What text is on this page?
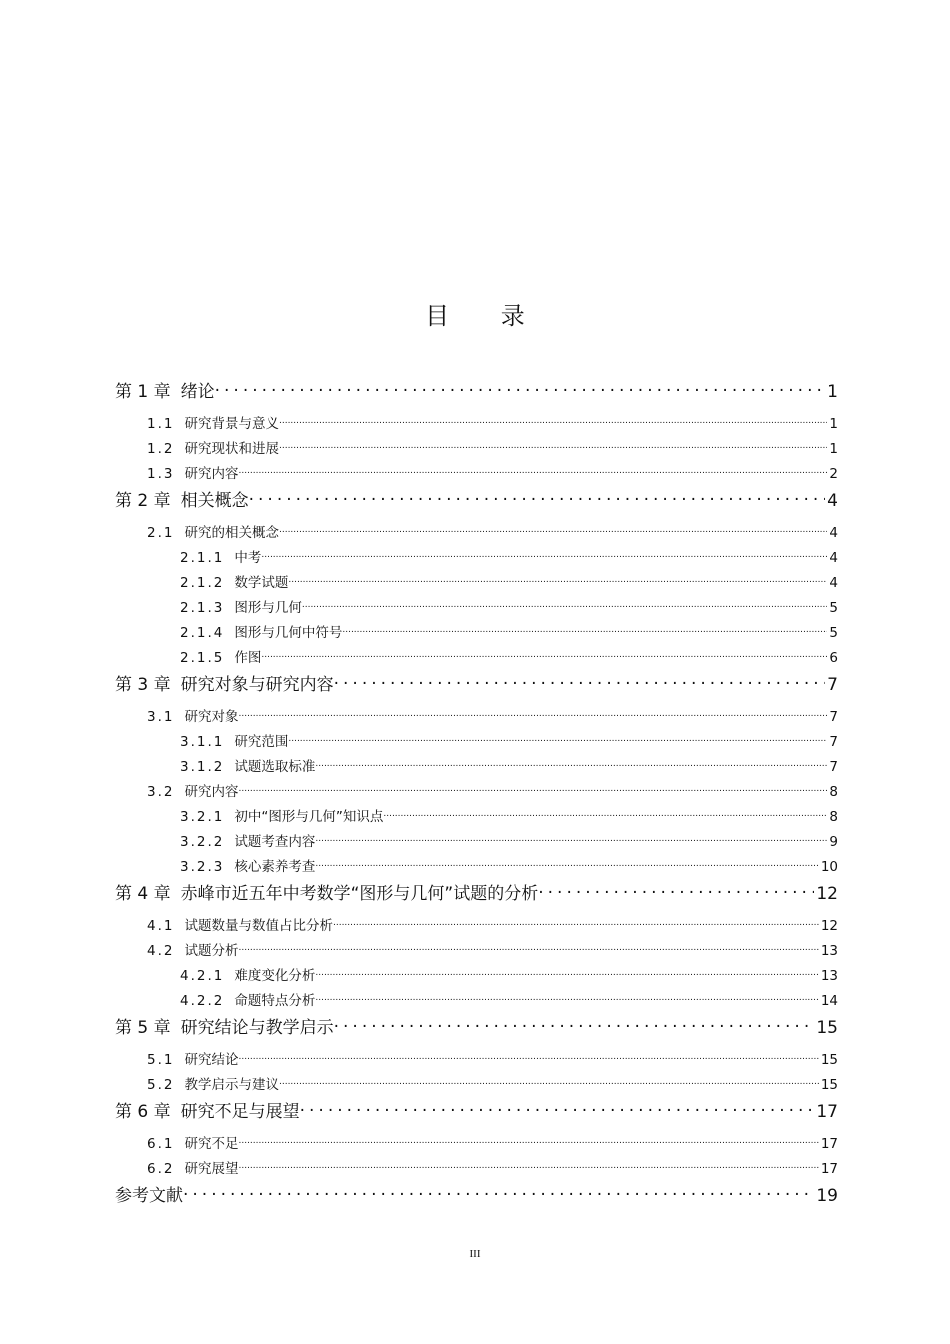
目 录
第 1 章 绪论 .....	1
1.1 研究背景与意义 .....	1
1.2 研究现状和进展 .....	1
1.3 研究内容 .....	2
第 2 章 相关概念 .....	4
2.1 研究的相关概念 .....	4
2.1.1 中考 .....	4
2.1.2 数学试题 .....	4
2.1.3 图形与几何 .....	5
2.1.4 图形与几何中符号 .....	5
2.1.5 作图 .....	6
第 3 章 研究对象与研究内容 .....	7
3.1 研究对象 .....	7
3.1.1 研究范围 .....	7
3.1.2 试题选取标准 .....	7
3.2 研究内容 .....	8
3.2.1 初中“图形与几何”知识点 .....	8
3.2.2 试题考查内容 .....	9
3.2.3 核心素养考查 .....	10
第 4 章 赤峰市近五年中考数学“图形与几何”试题的分析 .....	12
4.1 试题数量与数值占比分析 .....	12
4.2 试题分析 .....	13
4.2.1 难度变化分析 .....	13
4.2.2 命题特点分析 .....	14
第 5 章 研究结论与教学启示 .....	15
5.1 研究结论 .....	15
5.2 教学启示与建议 .....	15
第 6 章 研究不足与展望 .....	17
6.1 研究不足 .....	17
6.2 研究展望 .....	17
参考文献 .....	19
III
